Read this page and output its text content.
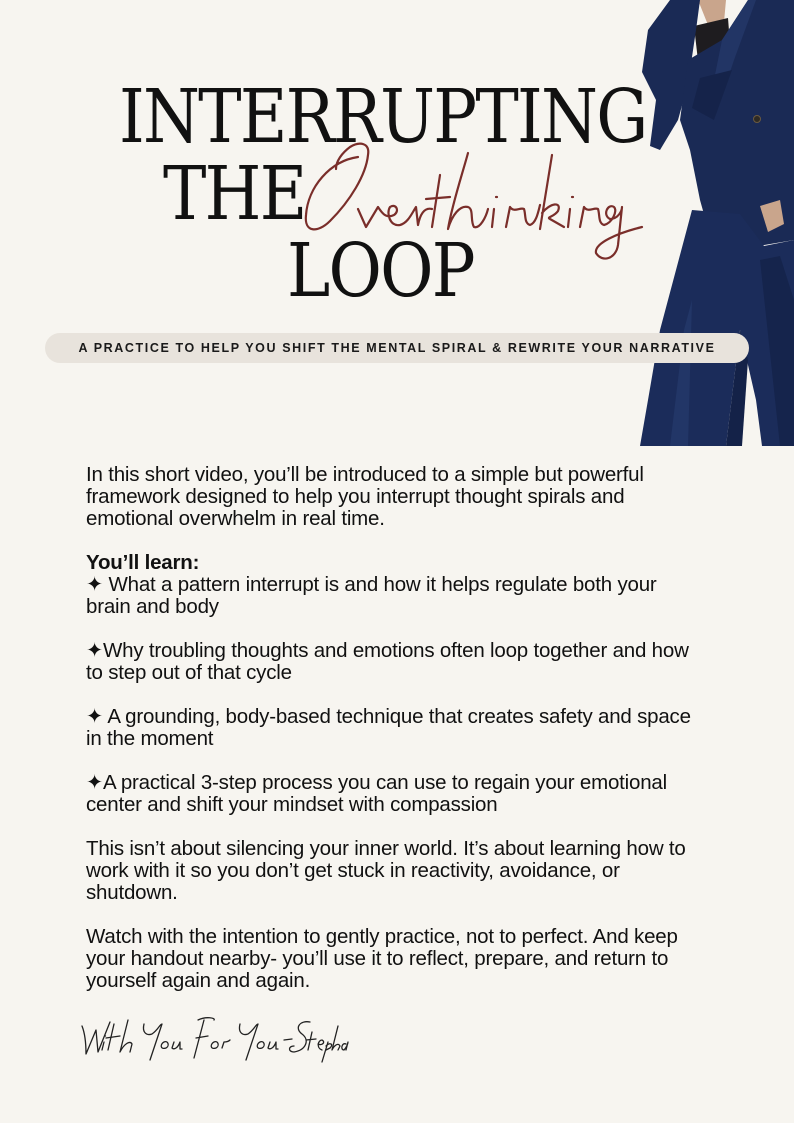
INTERRUPTING
THE
LOOP
A PRACTICE TO HELP YOU SHIFT THE MENTAL SPIRAL & REWRITE YOUR NARRATIVE

In this short video, you’ll be introduced to a simple but powerful framework designed to help you interrupt thought spirals and emotional overwhelm in real time.

You’ll learn:

✦ What a pattern interrupt is and how it helps regulate both your brain and body

✦Why troubling thoughts and emotions often loop together and how to step out of that cycle

✦ A grounding, body-based technique that creates safety and space in the moment

✦A practical 3-step process you can use to regain your emotional center and shift your mindset with compassion

This isn’t about silencing your inner world. It’s about learning how to work with it so you don’t get stuck in reactivity, avoidance, or shutdown.

Watch with the intention to gently practice, not to perfect. And keep your handout nearby- you’ll use it to reflect, prepare, and return to yourself again and again.
